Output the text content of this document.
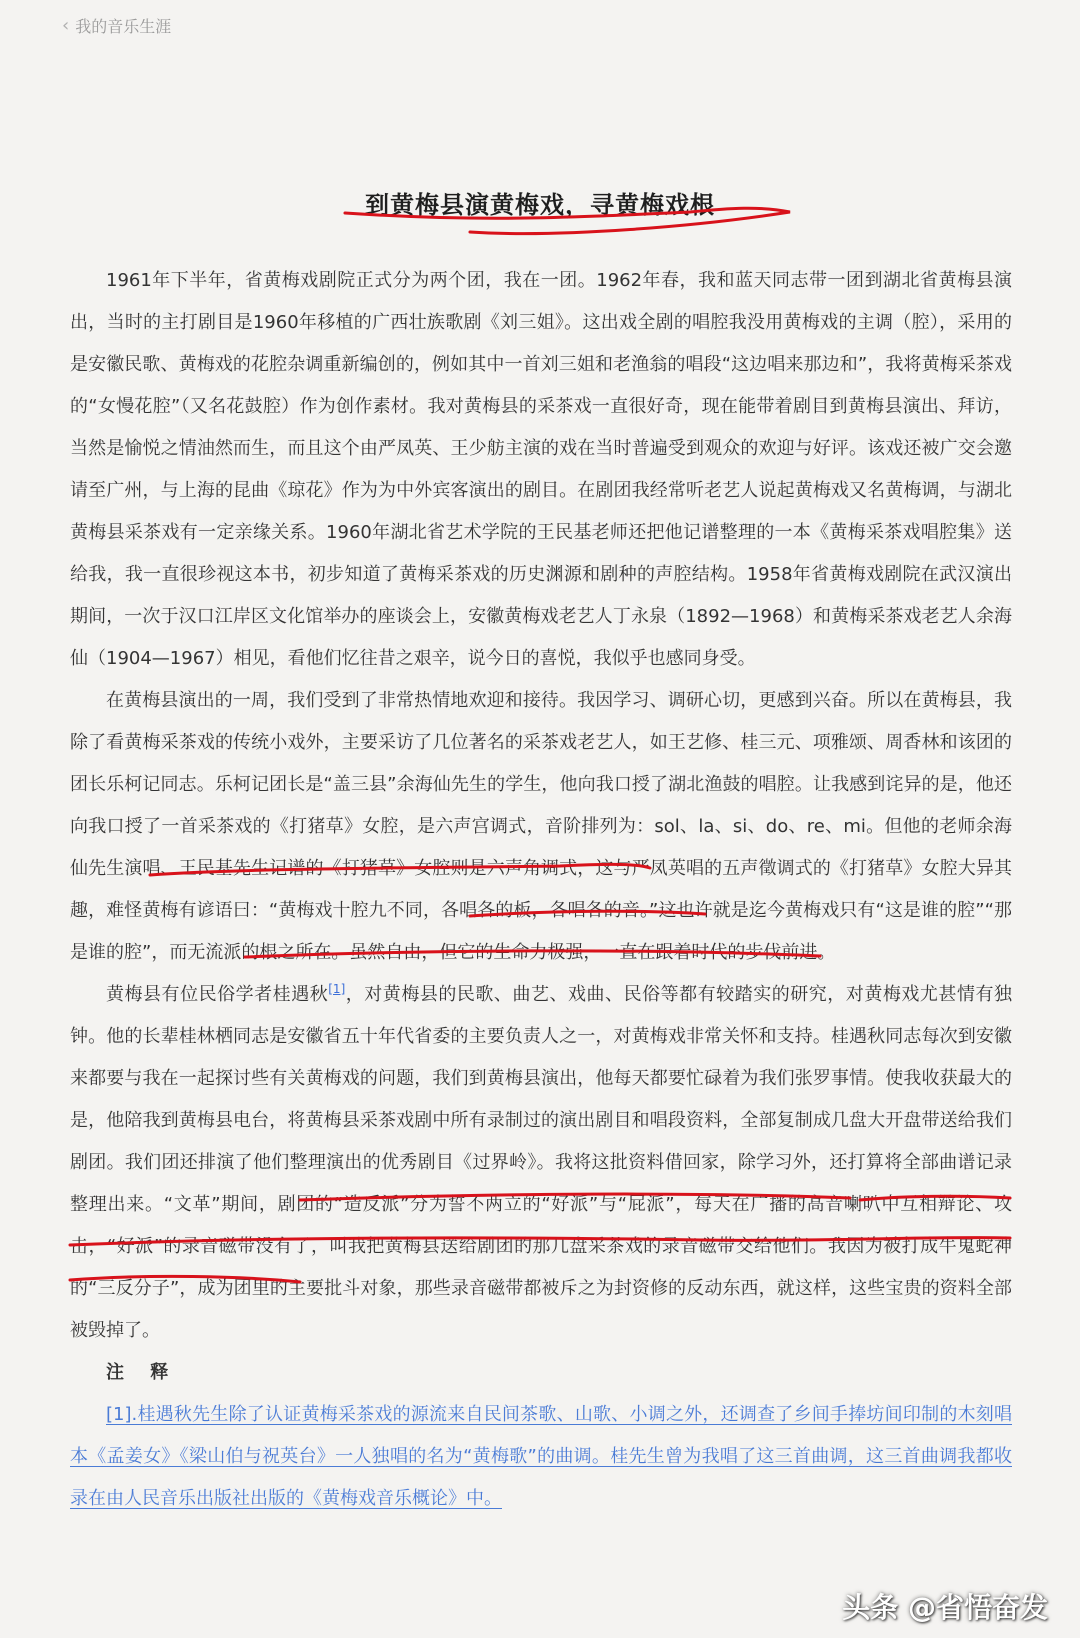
‹ 我的音乐生涯
到黄梅县演黄梅戏，寻黄梅戏根

1961年下半年，省黄梅戏剧院正式分为两个团，我在一团。1962年春，我和蓝天同志带一团到湖北省黄梅县演出，当时的主打剧目是1960年移植的广西壮族歌剧《刘三姐》。这出戏全剧的唱腔我没用黄梅戏的主调（腔），采用的是安徽民歌、黄梅戏的花腔杂调重新编创的，例如其中一首刘三姐和老渔翁的唱段“这边唱来那边和”，我将黄梅采茶戏的“女慢花腔”（又名花鼓腔）作为创作素材。我对黄梅县的采茶戏一直很好奇，现在能带着剧目到黄梅县演出、拜访，当然是愉悦之情油然而生，而且这个由严凤英、王少舫主演的戏在当时普遍受到观众的欢迎与好评。该戏还被广交会邀请至广州，与上海的昆曲《琼花》作为为中外宾客演出的剧目。在剧团我经常听老艺人说起黄梅戏又名黄梅调，与湖北黄梅县采茶戏有一定亲缘关系。1960年湖北省艺术学院的王民基老师还把他记谱整理的一本《黄梅采茶戏唱腔集》送给我，我一直很珍视这本书，初步知道了黄梅采茶戏的历史渊源和剧种的声腔结构。1958年省黄梅戏剧院在武汉演出期间，一次于汉口江岸区文化馆举办的座谈会上，安徽黄梅戏老艺人丁永泉（1892—1968）和黄梅采茶戏老艺人余海仙（1904—1967）相见，看他们忆往昔之艰辛，说今日的喜悦，我似乎也感同身受。

在黄梅县演出的一周，我们受到了非常热情地欢迎和接待。我因学习、调研心切，更感到兴奋。所以在黄梅县，我除了看黄梅采茶戏的传统小戏外，主要采访了几位著名的采茶戏老艺人，如王艺修、桂三元、项雅颂、周香林和该团的团长乐柯记同志。乐柯记团长是“盖三县”余海仙先生的学生，他向我口授了湖北渔鼓的唱腔。让我感到诧异的是，他还向我口授了一首采茶戏的《打猪草》女腔，是六声宫调式，音阶排列为：sol、la、si、do、re、mi。但他的老师余海仙先生演唱、王民基先生记谱的《打猪草》女腔则是六声角调式，这与严凤英唱的五声徵调式的《打猪草》女腔大异其趣，难怪黄梅有谚语曰：“黄梅戏十腔九不同，各唱各的板，各唱各的音。”这也许就是迄今黄梅戏只有“这是谁的腔”“那是谁的腔”，而无流派的根之所在。虽然自由，但它的生命力极强，一直在跟着时代的步伐前进。

黄梅县有位民俗学者桂遇秋[1]，对黄梅县的民歌、曲艺、戏曲、民俗等都有较踏实的研究，对黄梅戏尤甚情有独钟。他的长辈桂林栖同志是安徽省五十年代省委的主要负责人之一，对黄梅戏非常关怀和支持。桂遇秋同志每次到安徽来都要与我在一起探讨些有关黄梅戏的问题，我们到黄梅县演出，他每天都要忙碌着为我们张罗事情。使我收获最大的是，他陪我到黄梅县电台，将黄梅县采茶戏剧中所有录制过的演出剧目和唱段资料，全部复制成几盘大开盘带送给我们剧团。我们团还排演了他们整理演出的优秀剧目《过界岭》。我将这批资料借回家，除学习外，还打算将全部曲谱记录整理出来。“文革”期间，剧团的“造反派”分为誓不两立的“好派”与“屁派”，每天在广播的高音喇叭中互相辩论、攻击，“好派”的录音磁带没有了，叫我把黄梅县送给剧团的那几盘采茶戏的录音磁带交给他们。我因为被打成牛鬼蛇神的“三反分子”，成为团里的主要批斗对象，那些录音磁带都被斥之为封资修的反动东西，就这样，这些宝贵的资料全部被毁掉了。

注 释

[1].桂遇秋先生除了认证黄梅采茶戏的源流来自民间茶歌、山歌、小调之外，还调查了乡间手捧坊间印制的木刻唱本《孟姜女》《梁山伯与祝英台》一人独唱的名为“黄梅歌”的曲调。桂先生曾为我唱了这三首曲调，这三首曲调我都收录在由人民音乐出版社出版的《黄梅戏音乐概论》中。

头条 @省悟奋发
